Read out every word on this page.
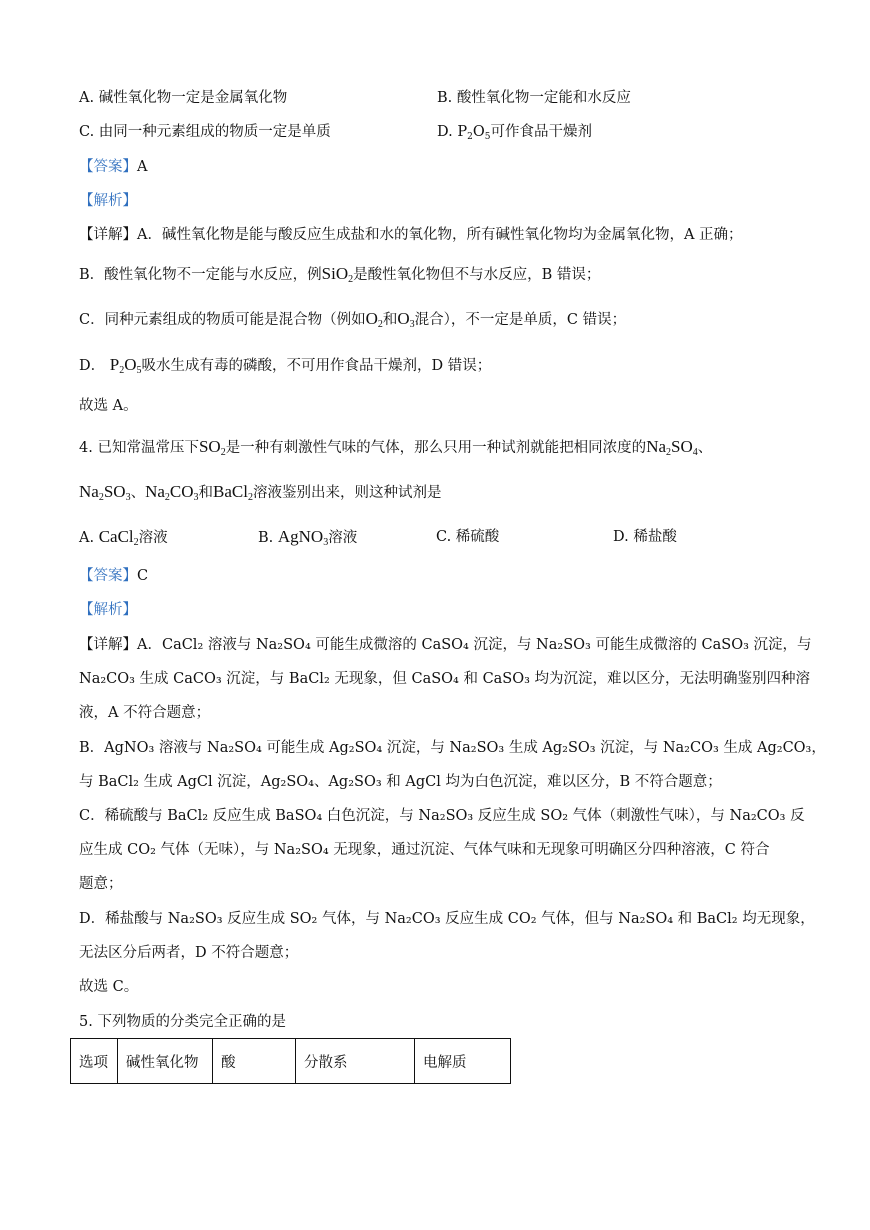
A. 碱性氧化物一定是金属氧化物	B. 酸性氧化物一定能和水反应
C. 由同一种元素组成的物质一定是单质	D. $P_2O_5$可作食品干燥剂
【答案】A
【解析】
【详解】A．碱性氧化物是能与酸反应生成盐和水的氧化物，所有碱性氧化物均为金属氧化物，A 正确；
B．酸性氧化物不一定能与水反应，例SiO$_2$是酸性氧化物但不与水反应，B 错误；
C．同种元素组成的物质可能是混合物（例如$O_2$和$O_3$混合），不一定是单质，C 错误；
D． $P_2O_5$吸水生成有毒的磷酸，不可用作食品干燥剂，D 错误；
故选 A。
4. 已知常温常压下$SO_2$是一种有刺激性气味的气体，那么只用一种试剂就能把相同浓度的$Na_2SO_4$、
$Na_2SO_3$、$Na_2CO_3$和BaCl$_2$溶液鉴别出来，则这种试剂是
A. CaCl$_2$溶液	B. AgNO$_3$溶液	C. 稀硫酸	D. 稀盐酸
【答案】C
【解析】
【详解】A．CaCl₂ 溶液与 Na₂SO₄ 可能生成微溶的 CaSO₄ 沉淀，与 Na₂SO₃ 可能生成微溶的 CaSO₃ 沉淀，与
Na₂CO₃ 生成 CaCO₃ 沉淀，与 BaCl₂ 无现象，但 CaSO₄ 和 CaSO₃ 均为沉淀，难以区分，无法明确鉴别四种溶
液，A 不符合题意；
B．AgNO₃ 溶液与 Na₂SO₄ 可能生成 Ag₂SO₄ 沉淀，与 Na₂SO₃ 生成 Ag₂SO₃ 沉淀，与 Na₂CO₃ 生成 Ag₂CO₃，
与 BaCl₂ 生成 AgCl 沉淀，Ag₂SO₄、Ag₂SO₃ 和 AgCl 均为白色沉淀，难以区分，B 不符合题意；
C．稀硫酸与 BaCl₂ 反应生成 BaSO₄ 白色沉淀，与 Na₂SO₃ 反应生成 SO₂ 气体（刺激性气味），与 Na₂CO₃ 反
应生成 CO₂ 气体（无味），与 Na₂SO₄ 无现象，通过沉淀、气体气味和无现象可明确区分四种溶液，C 符合
题意；
D．稀盐酸与 Na₂SO₃ 反应生成 SO₂ 气体，与 Na₂CO₃ 反应生成 CO₂ 气体，但与 Na₂SO₄ 和 BaCl₂ 均无现象，
无法区分后两者，D 不符合题意；
故选 C。
5. 下列物质的分类完全正确的是
选项	碱性氧化物	酸	分散系	电解质
